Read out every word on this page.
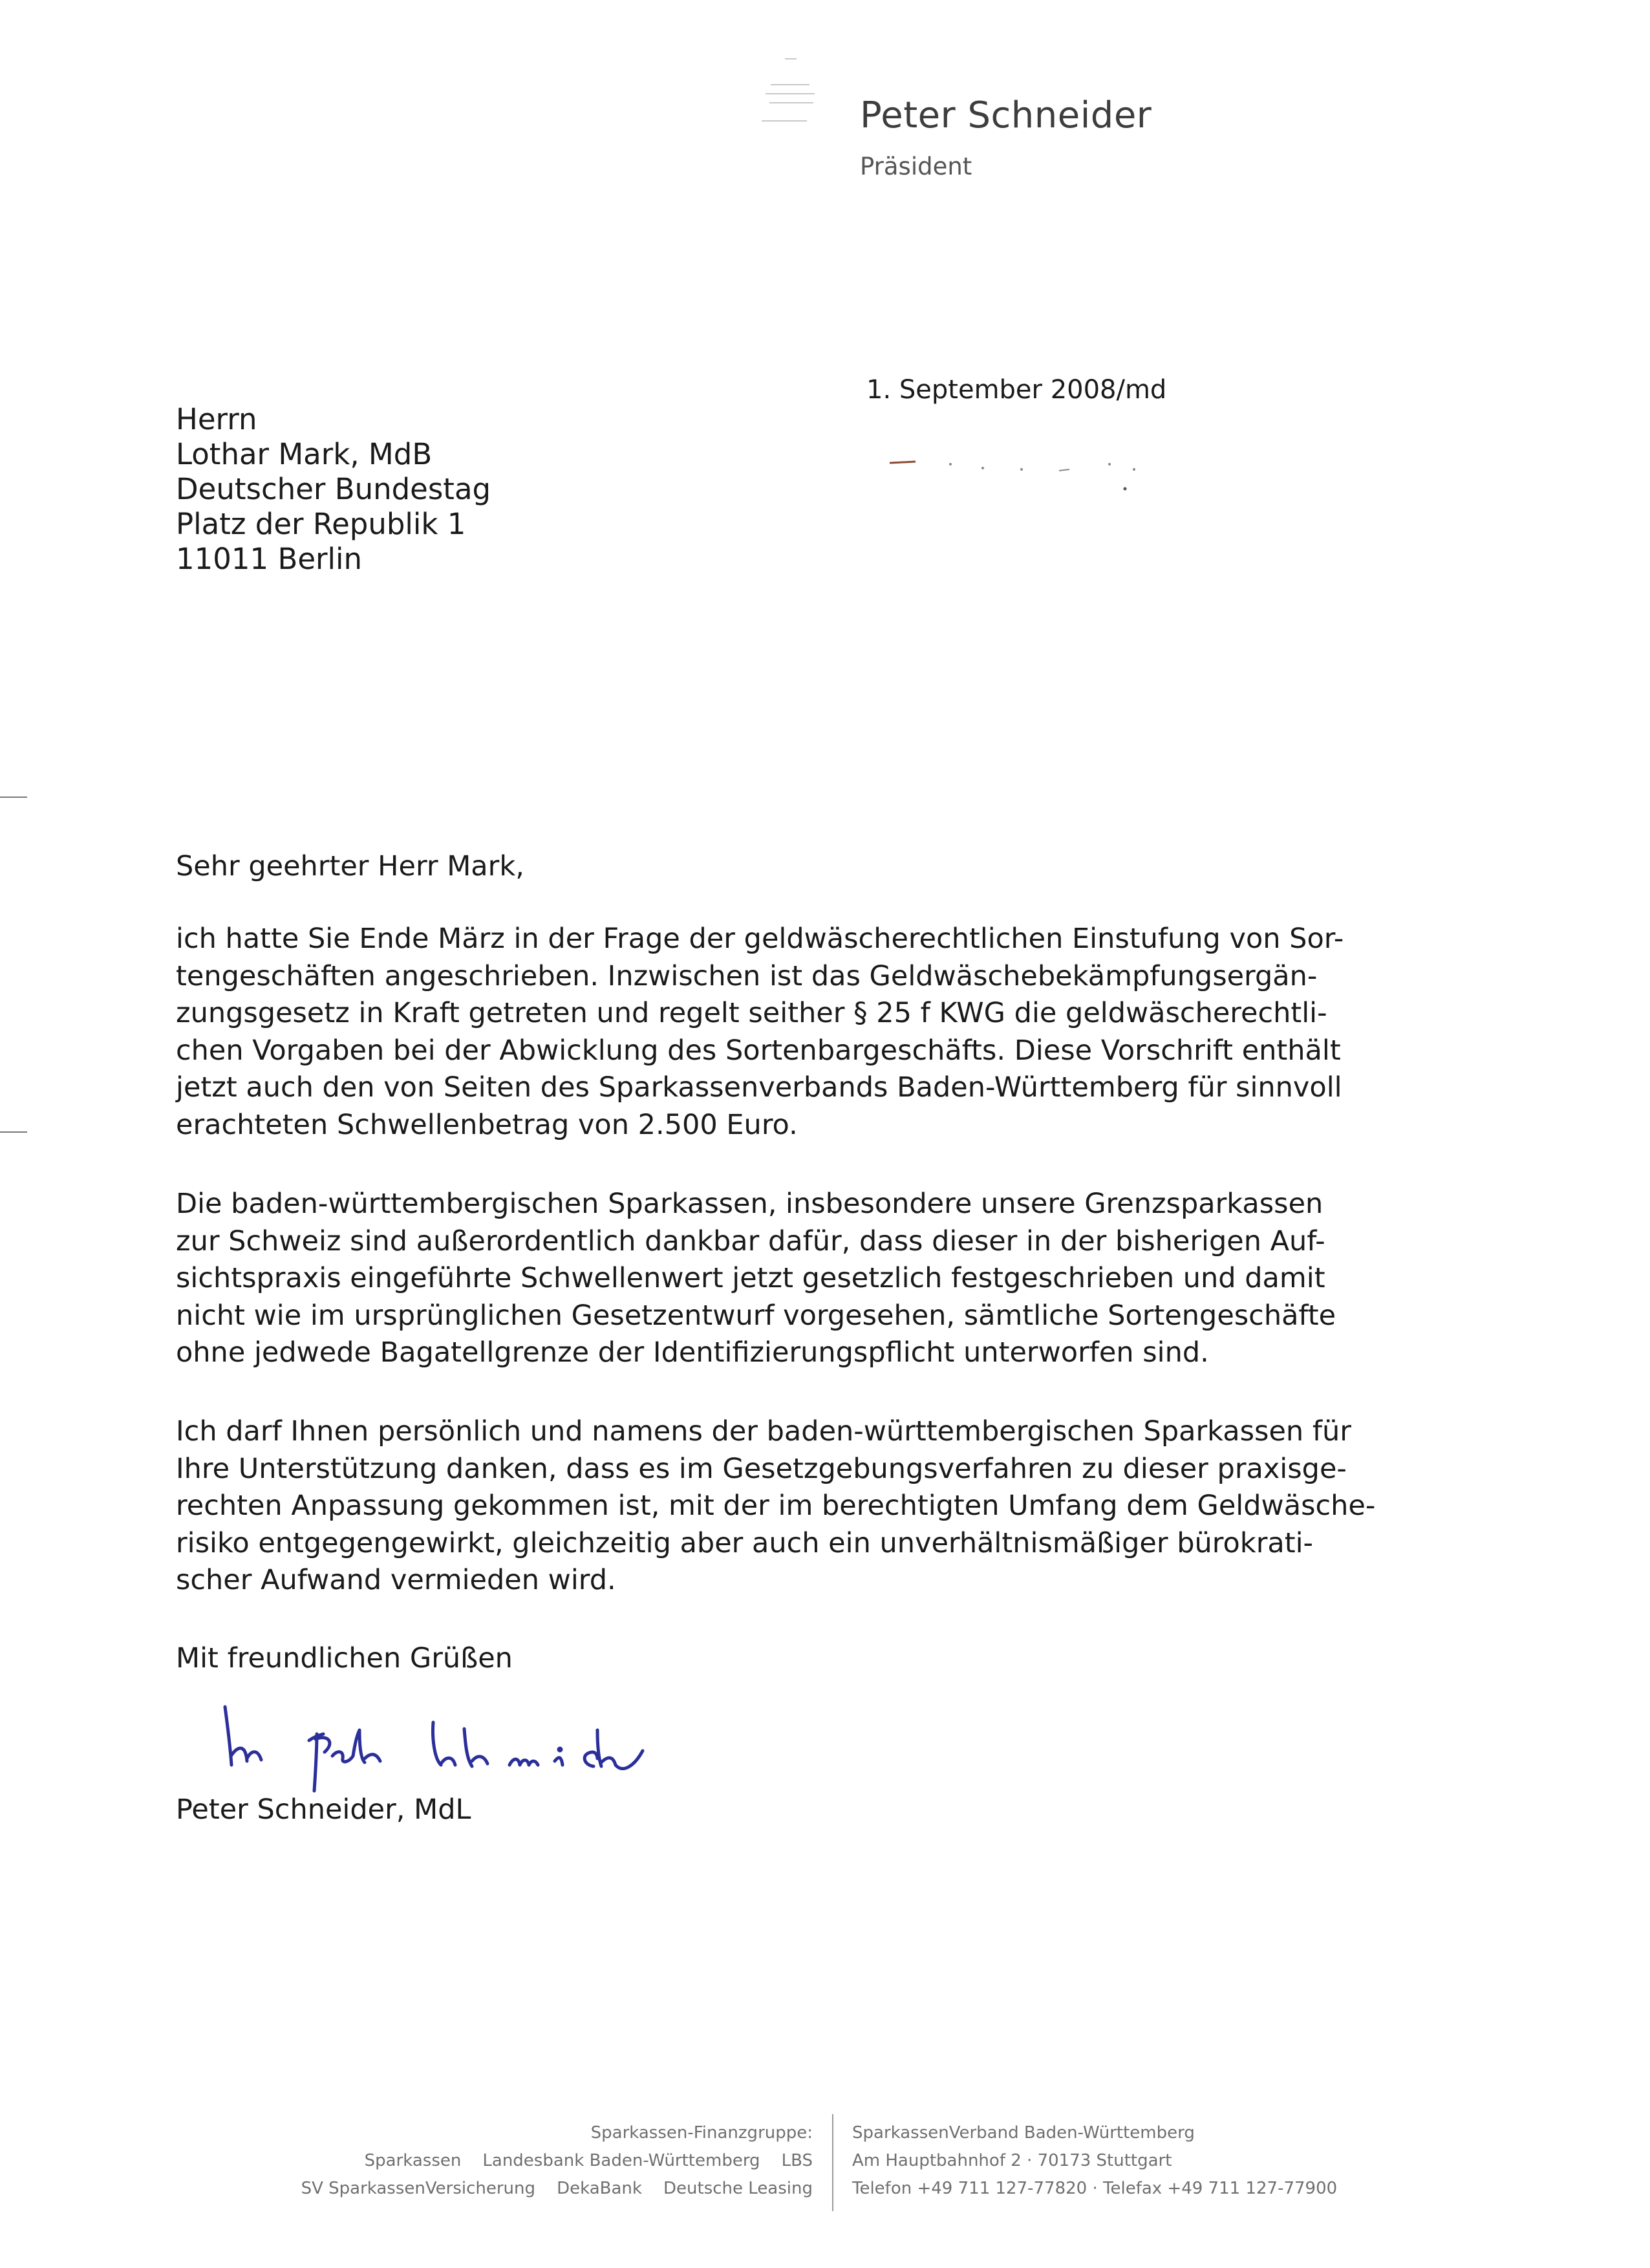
Peter Schneider
Präsident
1. September 2008/md
Herrn
Lothar Mark, MdB
Deutscher Bundestag
Platz der Republik 1
11011 Berlin
Sehr geehrter Herr Mark,
ich hatte Sie Ende März in der Frage der geldwäscherechtlichen Einstufung von Sor-
tengeschäften angeschrieben. Inzwischen ist das Geldwäschebekämpfungsergän-
zungsgesetz in Kraft getreten und regelt seither § 25 f KWG die geldwäscherechtli-
chen Vorgaben bei der Abwicklung des Sortenbargeschäfts. Diese Vorschrift enthält
jetzt auch den von Seiten des Sparkassenverbands Baden-Württemberg für sinnvoll
erachteten Schwellenbetrag von 2.500 Euro.
Die baden-württembergischen Sparkassen, insbesondere unsere Grenzsparkassen
zur Schweiz sind außerordentlich dankbar dafür, dass dieser in der bisherigen Auf-
sichtspraxis eingeführte Schwellenwert jetzt gesetzlich festgeschrieben und damit
nicht wie im ursprünglichen Gesetzentwurf vorgesehen, sämtliche Sortengeschäfte
ohne jedwede Bagatellgrenze der Identifizierungspflicht unterworfen sind.
Ich darf Ihnen persönlich und namens der baden-württembergischen Sparkassen für
Ihre Unterstützung danken, dass es im Gesetzgebungsverfahren zu dieser praxisge-
rechten Anpassung gekommen ist, mit der im berechtigten Umfang dem Geldwäsche-
risiko entgegengewirkt, gleichzeitig aber auch ein unverhältnismäßiger bürokrati-
scher Aufwand vermieden wird.
Mit freundlichen Grüßen
Peter Schneider, MdL
Sparkassen-Finanzgruppe:
Sparkassen Landesbank Baden-Württemberg LBS
SV SparkassenVersicherung DekaBank Deutsche Leasing
SparkassenVerband Baden-Württemberg
Am Hauptbahnhof 2 · 70173 Stuttgart
Telefon +49 711 127-77820 · Telefax +49 711 127-77900
